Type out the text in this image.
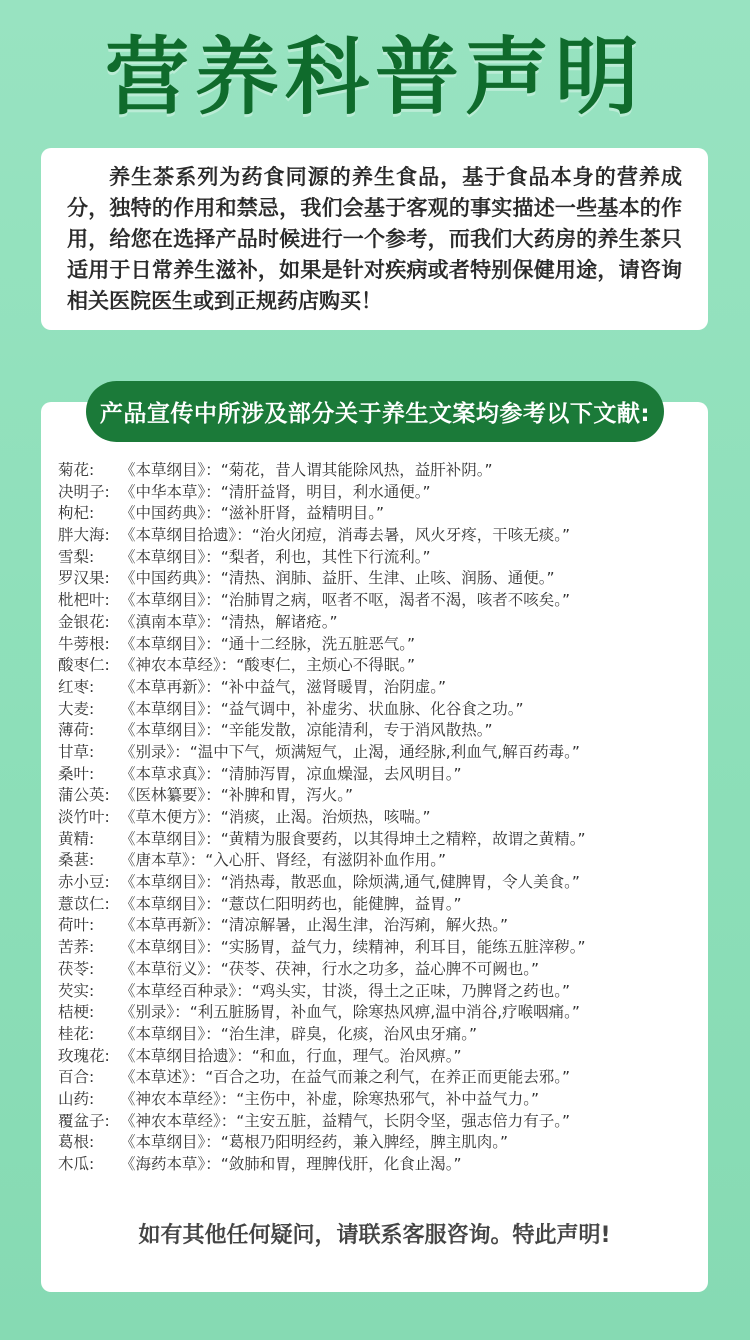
营养科普声明

养生茶系列为药食同源的养生食品，基于食品本身的营养成分，独特的作用和禁忌，我们会基于客观的事实描述一些基本的作用，给您在选择产品时候进行一个参考，而我们大药房的养生茶只适用于日常养生滋补，如果是针对疾病或者特别保健用途，请咨询相关医院医生或到正规药店购买！

产品宣传中所涉及部分关于养生文案均参考以下文献:
菊花:	《本草纲目》：“菊花，昔人谓其能除风热，益肝补阴。”
决明子: 《中华本草》：“清肝益肾，明目，利水通便。”
枸杞:	《中国药典》：“滋补肝肾，益精明目。”
胖大海: 《本草纲目拾遗》：“治火闭痘，消毒去暑，风火牙疼，干咳无痰。”
雪梨:	《本草纲目》：“梨者，利也，其性下行流利。”
罗汉果: 《中国药典》：“清热、润肺、益肝、生津、止咳、润肠、通便。”
枇杷叶: 《本草纲目》：“治肺胃之病，呕者不呕，渴者不渴，咳者不咳矣。”
金银花: 《滇南本草》：“清热，解诸疮。”
牛蒡根: 《本草纲目》：“通十二经脉，洗五脏恶气。”
酸枣仁: 《神农本草经》：“酸枣仁，主烦心不得眠。”
红枣:	《本草再新》：“补中益气，滋肾暖胃，治阴虚。”
大麦:	《本草纲目》：“益气调中，补虚劣、状血脉、化谷食之功。”
薄荷:	《本草纲目》：“辛能发散，凉能清利，专于消风散热。”
甘草:	《别录》：“温中下气，烦满短气，止渴，通经脉,利血气,解百药毒。”
桑叶:	《本草求真》：“清肺泻胃，凉血燥湿，去风明目。”
蒲公英: 《医林纂要》：“补脾和胃，泻火。”
淡竹叶: 《草木便方》：“消痰，止渴。治烦热，咳喘。”
黄精:	《本草纲目》：“黄精为服食要药，以其得坤土之精粹，故谓之黄精。”
桑葚:	《唐本草》：“入心肝、肾经，有滋阴补血作用。”
赤小豆: 《本草纲目》：“消热毒，散恶血，除烦满,通气,健脾胃，令人美食。”
薏苡仁: 《本草纲目》：“薏苡仁阳明药也，能健脾，益胃。”
荷叶:	《本草再新》：“清凉解暑，止渴生津，治泻痢，解火热。”
苦荞:	《本草纲目》：“实肠胃，益气力，续精神，利耳目，能练五脏滓秽。”
茯苓:	《本草衍义》：“茯苓、茯神，行水之功多，益心脾不可阙也。”
芡实:	《本草经百种录》：“鸡头实，甘淡，得土之正味，乃脾肾之药也。”
桔梗:	《别录》：“利五脏肠胃，补血气，除寒热风痹,温中消谷,疗喉咽痛。”
桂花:	《本草纲目》：“治生津，辟臭，化痰，治风虫牙痛。”
玫瑰花: 《本草纲目拾遗》：“和血，行血，理气。治风痹。”
百合:	《本草述》：“百合之功，在益气而兼之利气，在养正而更能去邪。”
山药:	《神农本草经》：“主伤中，补虚，除寒热邪气，补中益气力。”
覆盆子: 《神农本草经》：“主安五脏，益精气，长阴令坚，强志倍力有子。”
葛根:	《本草纲目》：“葛根乃阳明经药，兼入脾经，脾主肌肉。”
木瓜:	《海药本草》：“敛肺和胃，理脾伐肝，化食止渴。”
如有其他任何疑问，请联系客服咨询。特此声明!
